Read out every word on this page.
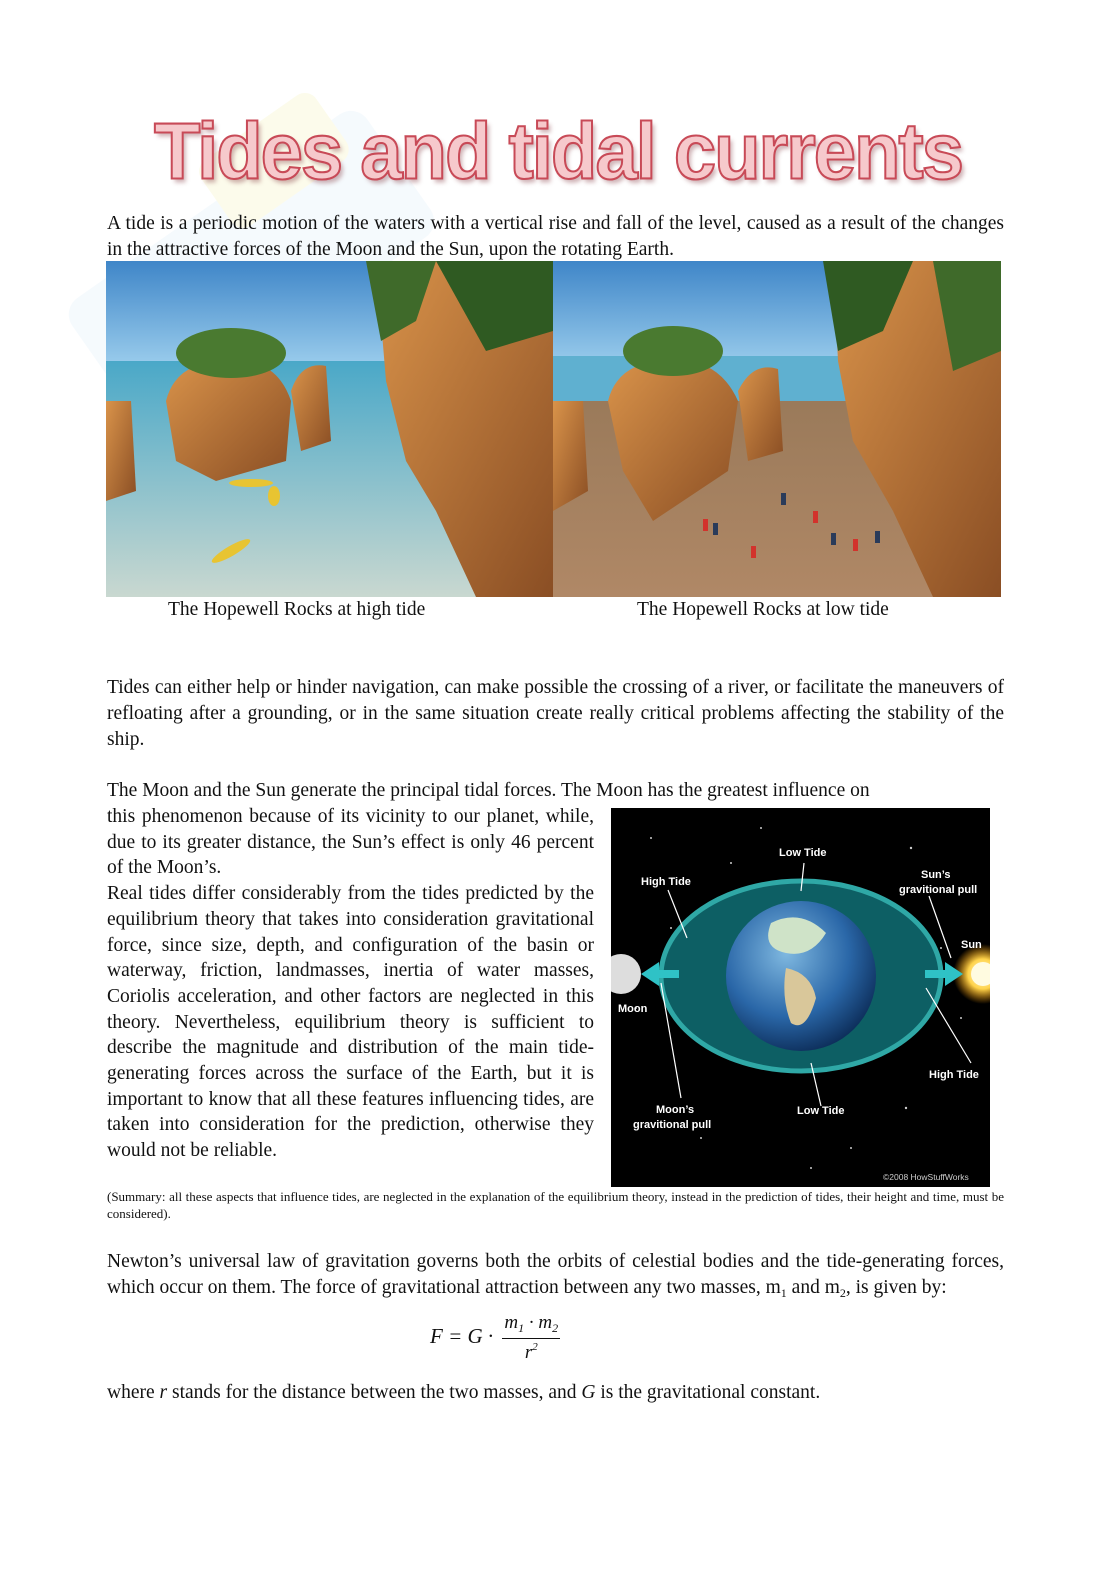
Tides and tidal currents
A tide is a periodic motion of the waters with a vertical rise and fall of the level, caused as a result of the changes in the attractive forces of the Moon and the Sun, upon the rotating Earth.
The Hopewell Rocks at high tide	The Hopewell Rocks at low tide
Tides can either help or hinder navigation, can make possible the crossing of a river, or facilitate the maneuvers of refloating after a grounding, or in the same situation create really critical problems affecting the stability of the ship.
The Moon and the Sun generate the principal tidal forces. The Moon has the greatest influence on

this phenomenon because of its vicinity to our planet, while, due to its greater distance, the Sun’s effect is only 46 percent of the Moon’s.

Real tides differ considerably from the tides predicted by the equilibrium theory that takes into consideration gravitational force, since size, depth, and configuration of the basin or waterway, friction, landmasses, inertia of water masses, Coriolis acceleration, and other factors are neglected in this theory. Nevertheless, equilibrium theory is sufficient to describe the magnitude and distribution of the main tide-generating forces across the surface of the Earth, but it is important to know that all these features influencing tides, are taken into consideration for the prediction, otherwise they would not be reliable.

Low Tide
High Tide
Sun’s
gravitional pull
Sun
Moon
High Tide
Moon’s
gravitional pull
Low Tide
©2008 HowStuffWorks
(Summary: all these aspects that influence tides, are neglected in the explanation of the equilibrium theory, instead in the prediction of tides, their height and time, must be considered).
Newton’s universal law of gravitation governs both the orbits of celestial bodies and the tide-generating forces, which occur on them. The force of gravitational attraction between any two masses, $m_1$ and $m_2$, is given by:
$F = G \cdot \frac{m_1 \cdot m_2}{r^2}$
where r stands for the distance between the two masses, and G is the gravitational constant.
